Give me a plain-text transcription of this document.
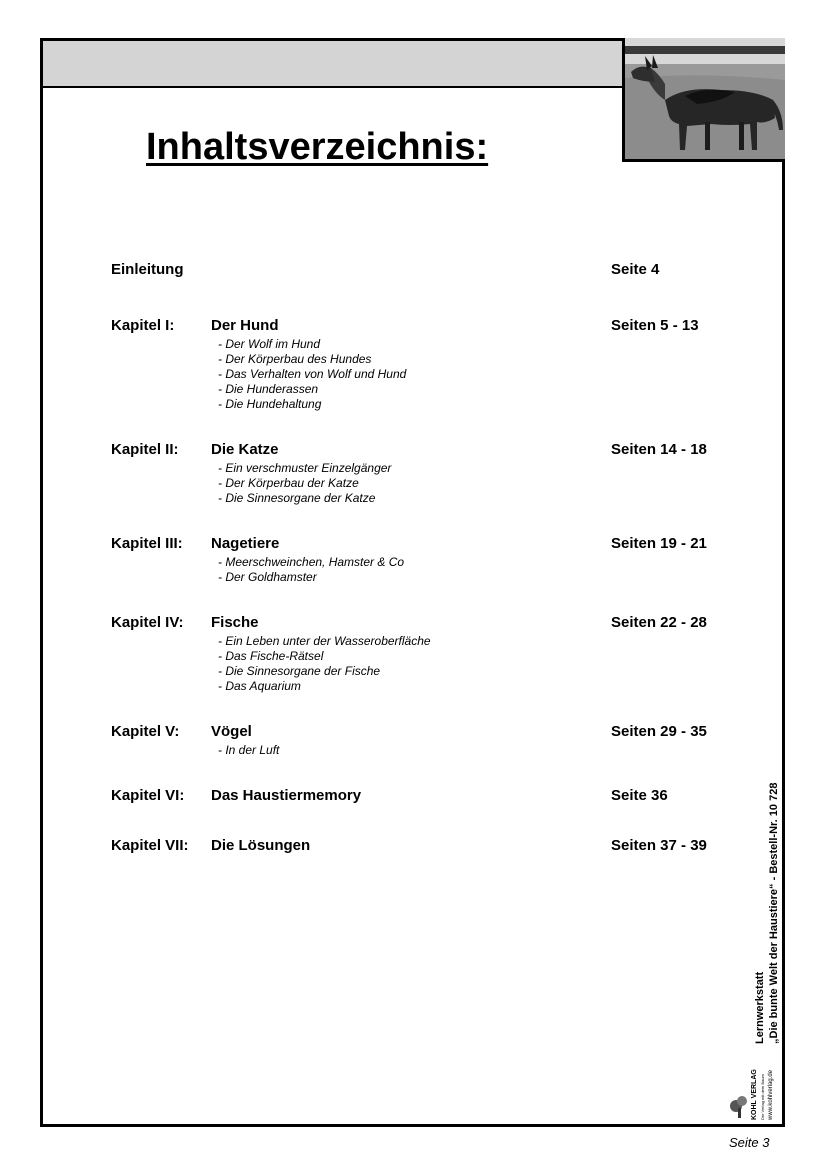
Inhaltsverzeichnis:
Einleitung	Seite 4
Kapitel I: Der Hund	Seiten 5 - 13
- Der Wolf im Hund
- Der Körperbau des Hundes
- Das Verhalten von Wolf und Hund
- Die Hunderassen
- Die Hundehaltung
Kapitel II: Die Katze	Seiten 14 - 18
- Ein verschmuster Einzelgänger
- Der Körperbau der Katze
- Die Sinnesorgane der Katze
Kapitel III: Nagetiere	Seiten 19 - 21
- Meerschweinchen, Hamster & Co
- Der Goldhamster
Kapitel IV: Fische	Seiten 22 - 28
- Ein Leben unter der Wasseroberfläche
- Das Fische-Rätsel
- Die Sinnesorgane der Fische
- Das Aquarium
Kapitel V: Vögel	Seiten 29 - 35
- In der Luft
Kapitel VI: Das Haustiermemory	Seite 36
Kapitel VII: Die Lösungen	Seiten 37 - 39
Lernwerkstatt „Die bunte Welt der Haustiere“ - Bestell-Nr. 10 728
KOHL VERLAG Der Verlag mit dem Baum www.kohlverlag.de
Seite 3
